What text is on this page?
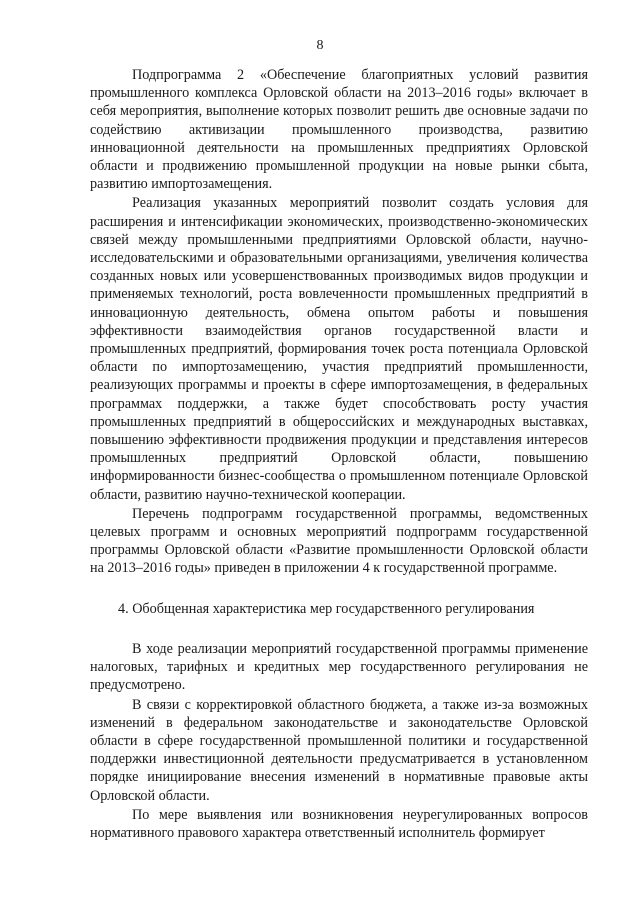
8

Подпрограмма 2 «Обеспечение благоприятных условий развития промышленного комплекса Орловской области на 2013–2016 годы» включает в себя мероприятия, выполнение которых позволит решить две основные задачи по содействию активизации промышленного производства, развитию инновационной деятельности на промышленных предприятиях Орловской области и продвижению промышленной продукции на новые рынки сбыта, развитию импортозамещения.

Реализация указанных мероприятий позволит создать условия для расширения и интенсификации экономических, производственно-экономических связей между промышленными предприятиями Орловской области, научно-исследовательскими и образовательными организациями, увеличения количества созданных новых или усовершенствованных производимых видов продукции и применяемых технологий, роста вовлеченности промышленных предприятий в инновационную деятельность, обмена опытом работы и повышения эффективности взаимодействия органов государственной власти и промышленных предприятий, формирования точек роста потенциала Орловской области по импортозамещению, участия предприятий промышленности, реализующих программы и проекты в сфере импортозамещения, в федеральных программах поддержки, а также будет способствовать росту участия промышленных предприятий в общероссийских и международных выставках, повышению эффективности продвижения продукции и представления интересов промышленных предприятий Орловской области, повышению информированности бизнес-сообщества о промышленном потенциале Орловской области, развитию научно-технической кооперации.

Перечень подпрограмм государственной программы, ведомственных целевых программ и основных мероприятий подпрограмм государственной программы Орловской области «Развитие промышленности Орловской области на 2013–2016 годы» приведен в приложении 4 к государственной программе.

4. Обобщенная характеристика мер государственного регулирования

В ходе реализации мероприятий государственной программы применение налоговых, тарифных и кредитных мер государственного регулирования не предусмотрено.

В связи с корректировкой областного бюджета, а также из-за возможных изменений в федеральном законодательстве и законодательстве Орловской области в сфере государственной промышленной политики и государственной поддержки инвестиционной деятельности предусматривается в установленном порядке инициирование внесения изменений в нормативные правовые акты Орловской области.

По мере выявления или возникновения неурегулированных вопросов нормативного правового характера ответственный исполнитель формирует
